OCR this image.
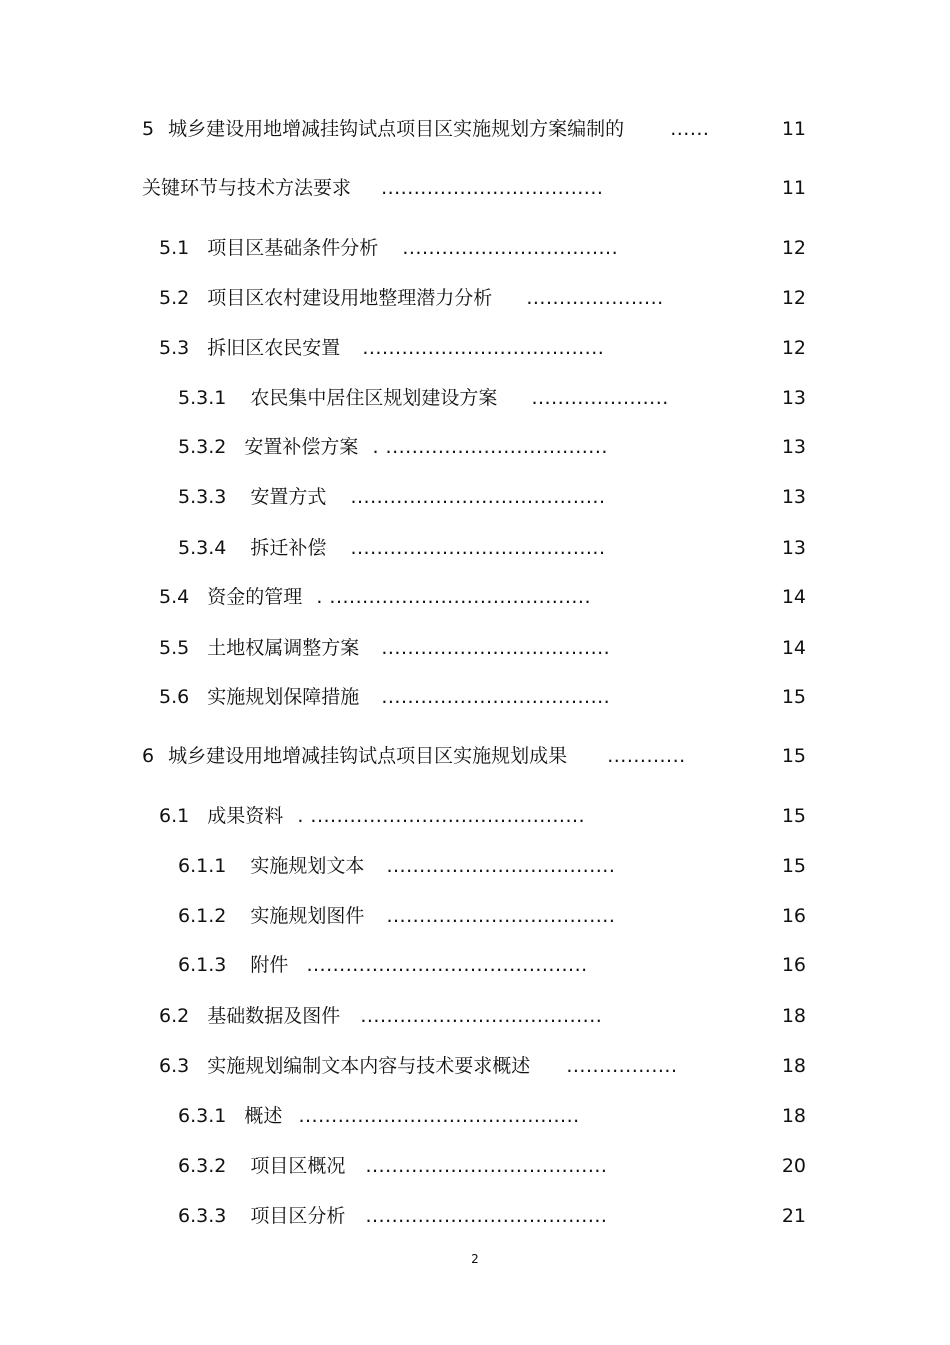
5 城乡建设用地增减挂钩试点项目区实施规划方案编制的 ......	11
关键环节与技术方法要求 ..................................	11
5.1 项目区基础条件分析 .................................	12
5.2 项目区农村建设用地整理潜力分析 .....................	12
5.3 拆旧区农民安置 .....................................	12
5.3.1 农民集中居住区规划建设方案 .....................	13
5.3.2 安置补偿方案 . ..................................	13
5.3.3 安置方式 .......................................	13
5.3.4 拆迁补偿 .......................................	13
5.4 资金的管理 . ........................................	14
5.5 土地权属调整方案 ...................................	14
5.6 实施规划保障措施 ...................................	15
6 城乡建设用地增减挂钩试点项目区实施规划成果 ............	15
6.1 成果资料 . ..........................................	15
6.1.1 实施规划文本 ...................................	15
6.1.2 实施规划图件 ...................................	16
6.1.3 附件 ...........................................	16
6.2 基础数据及图件 .....................................	18
6.3 实施规划编制文本内容与技术要求概述 .................	18
6.3.1 概述 ...........................................	18
6.3.2 项目区概况 .....................................	20
6.3.3 项目区分析 .....................................	21
2
